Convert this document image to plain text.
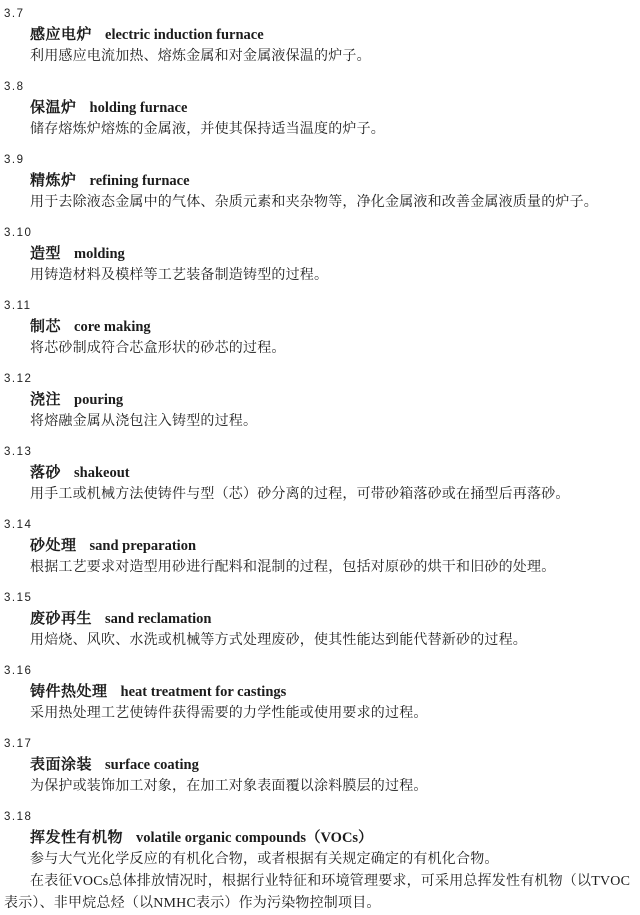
3.7
感应电炉 electric induction furnace
利用感应电流加热、熔炼金属和对金属液保温的炉子。
3.8
保温炉 holding furnace
储存熔炼炉熔炼的金属液，并使其保持适当温度的炉子。
3.9
精炼炉 refining furnace
用于去除液态金属中的气体、杂质元素和夹杂物等，净化金属液和改善金属液质量的炉子。
3.10
造型 molding
用铸造材料及模样等工艺装备制造铸型的过程。
3.11
制芯 core making
将芯砂制成符合芯盒形状的砂芯的过程。
3.12
浇注 pouring
将熔融金属从浇包注入铸型的过程。
3.13
落砂 shakeout
用手工或机械方法使铸件与型（芯）砂分离的过程，可带砂箱落砂或在捅型后再落砂。
3.14
砂处理 sand preparation
根据工艺要求对造型用砂进行配料和混制的过程，包括对原砂的烘干和旧砂的处理。
3.15
废砂再生 sand reclamation
用焙烧、风吹、水洗或机械等方式处理废砂，使其性能达到能代替新砂的过程。
3.16
铸件热处理 heat treatment for castings
采用热处理工艺使铸件获得需要的力学性能或使用要求的过程。
3.17
表面涂装 surface coating
为保护或装饰加工对象，在加工对象表面覆以涂料膜层的过程。
3.18
挥发性有机物 volatile organic compounds（VOCs）
参与大气光化学反应的有机化合物，或者根据有关规定确定的有机化合物。
在表征VOCs总体排放情况时，根据行业特征和环境管理要求，可采用总挥发性有机物（以TVOC
表示）、非甲烷总烃（以NMHC表示）作为污染物控制项目。
